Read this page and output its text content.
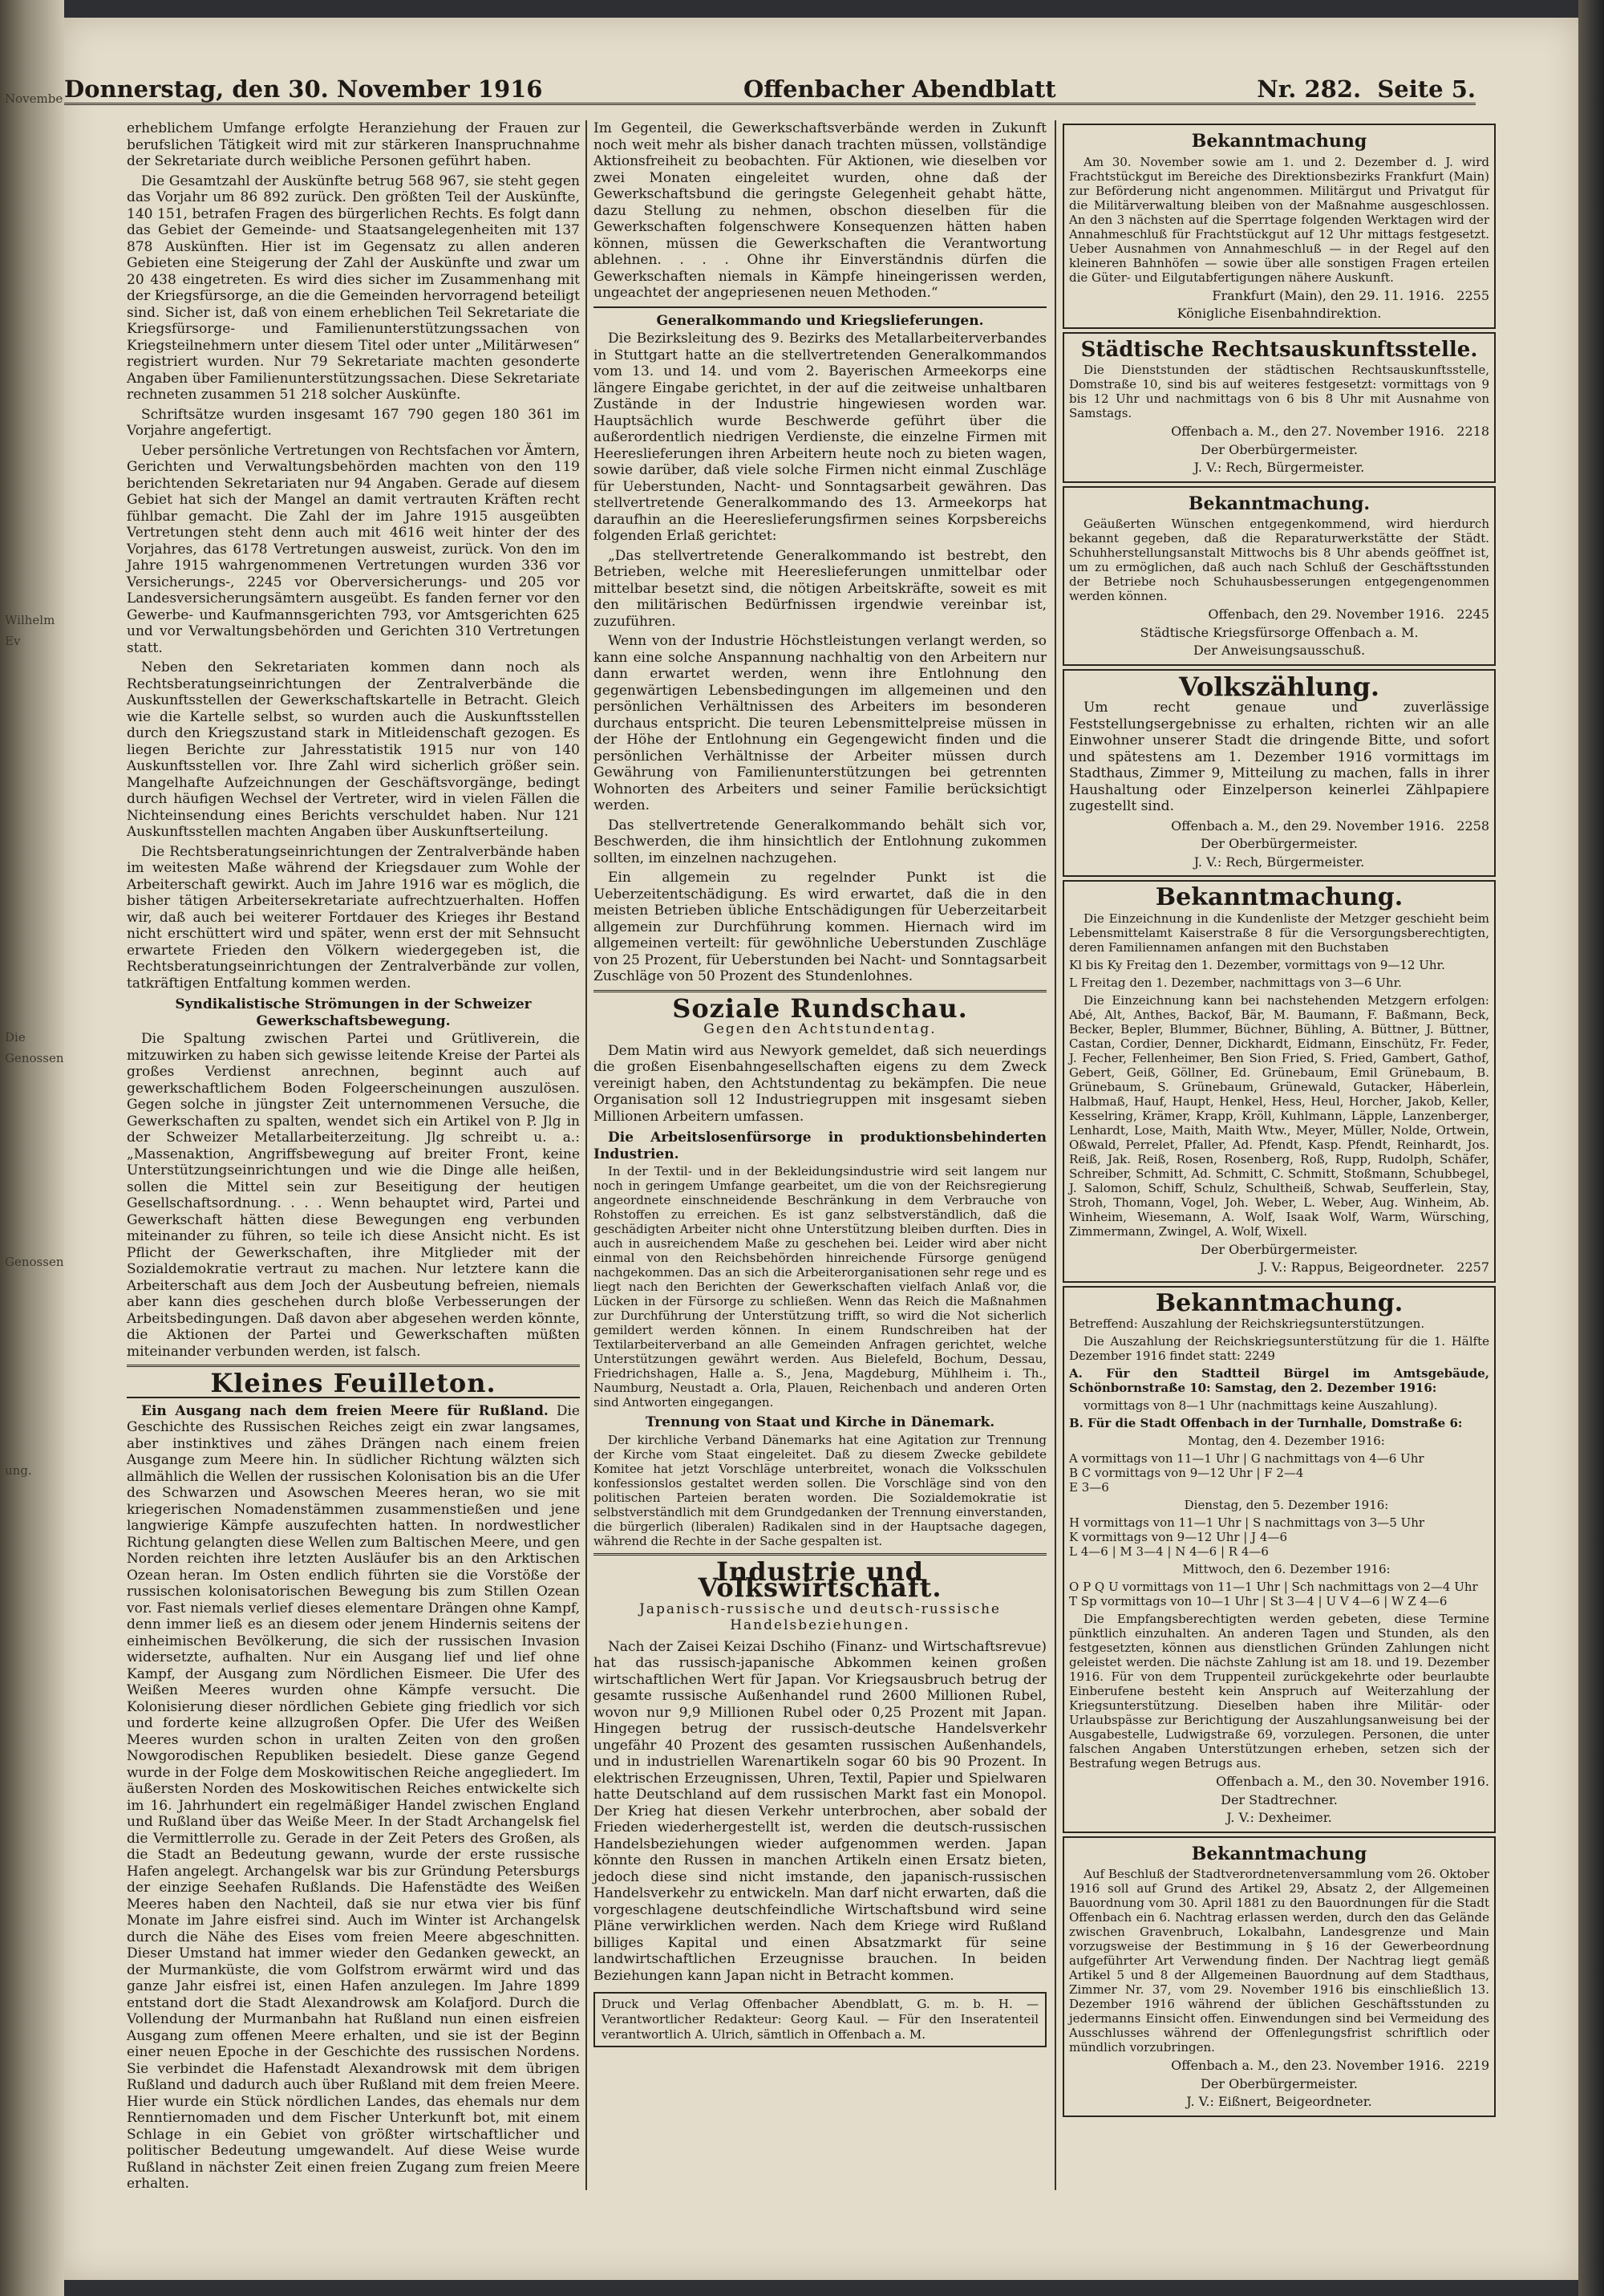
Novembe
Wilhelm Ev
Die Genossen
Genossen
ung.
Donnerstag, den 30. November 1916	Offenbacher Abendblatt	Nr. 282. Seite 5.

erheblichem Umfange erfolgte Heranziehung der Frauen zur berufslichen Tätigkeit wird mit zur stärkeren Inanspruchnahme der Sekretariate durch weibliche Personen geführt haben.

Die Gesamtzahl der Auskünfte betrug 568 967, sie steht gegen das Vorjahr um 86 892 zurück. Den größten Teil der Auskünfte, 140 151, betrafen Fragen des bürgerlichen Rechts. Es folgt dann das Gebiet der Gemeinde- und Staatsangelegenheiten mit 137 878 Auskünften. Hier ist im Gegensatz zu allen anderen Gebieten eine Steigerung der Zahl der Auskünfte und zwar um 20 438 eingetreten. Es wird dies sicher im Zusammenhang mit der Kriegsfürsorge, an die die Gemeinden hervorragend beteiligt sind. Sicher ist, daß von einem erheblichen Teil Sekretariate die Kriegsfürsorge- und Familienunterstützungssachen von Kriegsteilnehmern unter diesem Titel oder unter „Militärwesen“ registriert wurden. Nur 79 Sekretariate machten gesonderte Angaben über Familienunterstützungssachen. Diese Sekretariate rechneten zusammen 51 218 solcher Auskünfte.

Schriftsätze wurden insgesamt 167 790 gegen 180 361 im Vorjahre angefertigt.

Ueber persönliche Vertretungen von Rechtsfachen vor Ämtern, Gerichten und Verwaltungsbehörden machten von den 119 berichtenden Sekretariaten nur 94 Angaben. Gerade auf diesem Gebiet hat sich der Mangel an damit vertrauten Kräften recht fühlbar gemacht. Die Zahl der im Jahre 1915 ausgeübten Vertretungen steht denn auch mit 4616 weit hinter der des Vorjahres, das 6178 Vertretungen ausweist, zurück. Von den im Jahre 1915 wahrgenommenen Vertretungen wurden 336 vor Versicherungs-, 2245 vor Oberversicherungs- und 205 vor Landesversicherungsämtern ausgeübt. Es fanden ferner vor den Gewerbe- und Kaufmannsgerichten 793, vor Amtsgerichten 625 und vor Verwaltungsbehörden und Gerichten 310 Vertretungen statt.

Neben den Sekretariaten kommen dann noch als Rechtsberatungseinrichtungen der Zentralverbände die Auskunftsstellen der Gewerkschaftskartelle in Betracht. Gleich wie die Kartelle selbst, so wurden auch die Auskunftsstellen durch den Kriegszustand stark in Mitleidenschaft gezogen. Es liegen Berichte zur Jahresstatistik 1915 nur von 140 Auskunftsstellen vor. Ihre Zahl wird sicherlich größer sein. Mangelhafte Aufzeichnungen der Geschäftsvorgänge, bedingt durch häufigen Wechsel der Vertreter, wird in vielen Fällen die Nichteinsendung eines Berichts verschuldet haben. Nur 121 Auskunftsstellen machten Angaben über Auskunftserteilung.

Die Rechtsberatungseinrichtungen der Zentralverbände haben im weitesten Maße während der Kriegsdauer zum Wohle der Arbeiterschaft gewirkt. Auch im Jahre 1916 war es möglich, die bisher tätigen Arbeitersekretariate aufrechtzuerhalten. Hoffen wir, daß auch bei weiterer Fortdauer des Krieges ihr Bestand nicht erschüttert wird und später, wenn erst der mit Sehnsucht erwartete Frieden den Völkern wiedergegeben ist, die Rechtsberatungseinrichtungen der Zentralverbände zur vollen, tatkräftigen Entfaltung kommen werden.

Syndikalistische Strömungen in der Schweizer Gewerkschaftsbewegung.

Die Spaltung zwischen Partei und Grütliverein, die mitzuwirken zu haben sich gewisse leitende Kreise der Partei als großes Verdienst anrechnen, beginnt auch auf gewerkschaftlichem Boden Folgeerscheinungen auszulösen. Gegen solche in jüngster Zeit unternommenen Versuche, die Gewerkschaften zu spalten, wendet sich ein Artikel von P. Jlg in der Schweizer Metallarbeiterzeitung. Jlg schreibt u. a.: „Massenaktion, Angriffsbewegung auf breiter Front, keine Unterstützungseinrichtungen und wie die Dinge alle heißen, sollen die Mittel sein zur Beseitigung der heutigen Gesellschaftsordnung. . . . Wenn behauptet wird, Partei und Gewerkschaft hätten diese Bewegungen eng verbunden miteinander zu führen, so teile ich diese Ansicht nicht. Es ist Pflicht der Gewerkschaften, ihre Mitglieder mit der Sozialdemokratie vertraut zu machen. Nur letztere kann die Arbeiterschaft aus dem Joch der Ausbeutung befreien, niemals aber kann dies geschehen durch bloße Verbesserungen der Arbeitsbedingungen. Daß davon aber abgesehen werden könnte, die Aktionen der Partei und Gewerkschaften müßten miteinander verbunden werden, ist falsch.

Kleines Feuilleton.

Ein Ausgang nach dem freien Meere für Rußland. Die Geschichte des Russischen Reiches zeigt ein zwar langsames, aber instinktives und zähes Drängen nach einem freien Ausgange zum Meere hin. In südlicher Richtung wälzten sich allmählich die Wellen der russischen Kolonisation bis an die Ufer des Schwarzen und Asowschen Meeres heran, wo sie mit kriegerischen Nomadenstämmen zusammenstießen und jene langwierige Kämpfe auszufechten hatten. In nordwestlicher Richtung gelangten diese Wellen zum Baltischen Meere, und gen Norden reichten ihre letzten Ausläufer bis an den Arktischen Ozean heran. Im Osten endlich führten sie die Vorstöße der russischen kolonisatorischen Bewegung bis zum Stillen Ozean vor. Fast niemals verlief dieses elementare Drängen ohne Kampf, denn immer ließ es an diesem oder jenem Hindernis seitens der einheimischen Bevölkerung, die sich der russischen Invasion widersetzte, aufhalten. Nur ein Ausgang lief und lief ohne Kampf, der Ausgang zum Nördlichen Eismeer. Die Ufer des Weißen Meeres wurden ohne Kämpfe versucht. Die Kolonisierung dieser nördlichen Gebiete ging friedlich vor sich und forderte keine allzugroßen Opfer. Die Ufer des Weißen Meeres wurden schon in uralten Zeiten von den großen Nowgorodischen Republiken besiedelt. Diese ganze Gegend wurde in der Folge dem Moskowitischen Reiche angegliedert. Im äußersten Norden des Moskowitischen Reiches entwickelte sich im 16. Jahrhundert ein regelmäßiger Handel zwischen England und Rußland über das Weiße Meer. In der Stadt Archangelsk fiel die Vermittlerrolle zu. Gerade in der Zeit Peters des Großen, als die Stadt an Bedeutung gewann, wurde der erste russische Hafen angelegt. Archangelsk war bis zur Gründung Petersburgs der einzige Seehafen Rußlands. Die Hafenstädte des Weißen Meeres haben den Nachteil, daß sie nur etwa vier bis fünf Monate im Jahre eisfrei sind. Auch im Winter ist Archangelsk durch die Nähe des Eises vom freien Meere abgeschnitten. Dieser Umstand hat immer wieder den Gedanken geweckt, an der Murmanküste, die vom Golfstrom erwärmt wird und das ganze Jahr eisfrei ist, einen Hafen anzulegen. Im Jahre 1899 entstand dort die Stadt Alexandrowsk am Kolafjord. Durch die Vollendung der Murmanbahn hat Rußland nun einen eisfreien Ausgang zum offenen Meere erhalten, und sie ist der Beginn einer neuen Epoche in der Geschichte des russischen Nordens. Sie verbindet die Hafenstadt Alexandrowsk mit dem übrigen Rußland und dadurch auch über Rußland mit dem freien Meere. Hier wurde ein Stück nördlichen Landes, das ehemals nur dem Renntiernomaden und dem Fischer Unterkunft bot, mit einem Schlage in ein Gebiet von größter wirtschaftlicher und politischer Bedeutung umgewandelt. Auf diese Weise wurde Rußland in nächster Zeit einen freien Zugang zum freien Meere erhalten.

Im Gegenteil, die Gewerkschaftsverbände werden in Zukunft noch weit mehr als bisher danach trachten müssen, vollständige Aktionsfreiheit zu beobachten. Für Aktionen, wie dieselben vor zwei Monaten eingeleitet wurden, ohne daß der Gewerkschaftsbund die geringste Gelegenheit gehabt hätte, dazu Stellung zu nehmen, obschon dieselben für die Gewerkschaften folgenschwere Konsequenzen hätten haben können, müssen die Gewerkschaften die Verantwortung ablehnen. . . . Ohne ihr Einverständnis dürfen die Gewerkschaften niemals in Kämpfe hineingerissen werden, ungeachtet der angepriesenen neuen Methoden.“

Generalkommando und Kriegslieferungen.

Die Bezirksleitung des 9. Bezirks des Metallarbeiterverbandes in Stuttgart hatte an die stellvertretenden Generalkommandos vom 13. und 14. und vom 2. Bayerischen Armeekorps eine längere Eingabe gerichtet, in der auf die zeitweise unhaltbaren Zustände in der Industrie hingewiesen worden war. Hauptsächlich wurde Beschwerde geführt über die außerordentlich niedrigen Verdienste, die einzelne Firmen mit Heereslieferungen ihren Arbeitern heute noch zu bieten wagen, sowie darüber, daß viele solche Firmen nicht einmal Zuschläge für Ueberstunden, Nacht- und Sonntagsarbeit gewähren. Das stellvertretende Generalkommando des 13. Armeekorps hat daraufhin an die Heereslieferungsfirmen seines Korpsbereichs folgenden Erlaß gerichtet:

„Das stellvertretende Generalkommando ist bestrebt, den Betrieben, welche mit Heereslieferungen unmittelbar oder mittelbar besetzt sind, die nötigen Arbeitskräfte, soweit es mit den militärischen Bedürfnissen irgendwie vereinbar ist, zuzuführen.

Wenn von der Industrie Höchstleistungen verlangt werden, so kann eine solche Anspannung nachhaltig von den Arbeitern nur dann erwartet werden, wenn ihre Entlohnung den gegenwärtigen Lebensbedingungen im allgemeinen und den persönlichen Verhältnissen des Arbeiters im besonderen durchaus entspricht. Die teuren Lebensmittelpreise müssen in der Höhe der Entlohnung ein Gegengewicht finden und die persönlichen Verhältnisse der Arbeiter müssen durch Gewährung von Familienunterstützungen bei getrennten Wohnorten des Arbeiters und seiner Familie berücksichtigt werden.

Das stellvertretende Generalkommando behält sich vor, Beschwerden, die ihm hinsichtlich der Entlohnung zukommen sollten, im einzelnen nachzugehen.

Ein allgemein zu regelnder Punkt ist die Ueberzeitentschädigung. Es wird erwartet, daß die in den meisten Betrieben übliche Entschädigungen für Ueberzeitarbeit allgemein zur Durchführung kommen. Hiernach wird im allgemeinen verteilt: für gewöhnliche Ueberstunden Zuschläge von 25 Prozent, für Ueberstunden bei Nacht- und Sonntagsarbeit Zuschläge von 50 Prozent des Stundenlohnes.

Soziale Rundschau.
Gegen den Achtstundentag.

Dem Matin wird aus Newyork gemeldet, daß sich neuerdings die großen Eisenbahngesellschaften eigens zu dem Zweck vereinigt haben, den Achtstundentag zu bekämpfen. Die neue Organisation soll 12 Industriegruppen mit insgesamt sieben Millionen Arbeitern umfassen.

Die Arbeitslosenfürsorge in produktionsbehinderten Industrien.

In der Textil- und in der Bekleidungsindustrie wird seit langem nur noch in geringem Umfange gearbeitet, um die von der Reichsregierung angeordnete einschneidende Beschränkung in dem Verbrauche von Rohstoffen zu erreichen. Es ist ganz selbstverständlich, daß die geschädigten Arbeiter nicht ohne Unterstützung bleiben durften. Dies in auch in ausreichendem Maße zu geschehen bei. Leider wird aber nicht einmal von den Reichsbehörden hinreichende Fürsorge genügend nachgekommen. Das an sich die Arbeiterorganisationen sehr rege und es liegt nach den Berichten der Gewerkschaften vielfach Anlaß vor, die Lücken in der Fürsorge zu schließen. Wenn das Reich die Maßnahmen zur Durchführung der Unterstützung trifft, so wird die Not sicherlich gemildert werden können. In einem Rundschreiben hat der Textilarbeiterverband an alle Gemeinden Anfragen gerichtet, welche Unterstützungen gewährt werden. Aus Bielefeld, Bochum, Dessau, Friedrichshagen, Halle a. S., Jena, Magdeburg, Mühlheim i. Th., Naumburg, Neustadt a. Orla, Plauen, Reichenbach und anderen Orten sind Antworten eingegangen.

Trennung von Staat und Kirche in Dänemark.

Der kirchliche Verband Dänemarks hat eine Agitation zur Trennung der Kirche vom Staat eingeleitet. Daß zu diesem Zwecke gebildete Komitee hat jetzt Vorschläge unterbreitet, wonach die Volksschulen konfessionslos gestaltet werden sollen. Die Vorschläge sind von den politischen Parteien beraten worden. Die Sozialdemokratie ist selbstverständlich mit dem Grundgedanken der Trennung einverstanden, die bürgerlich (liberalen) Radikalen sind in der Hauptsache dagegen, während die Rechte in der Sache gespalten ist.

Industrie und Volkswirtschaft.
Japanisch-russische und deutsch-russische Handelsbeziehungen.

Nach der Zaisei Keizai Dschiho (Finanz- und Wirtschaftsrevue) hat das russisch-japanische Abkommen keinen großen wirtschaftlichen Wert für Japan. Vor Kriegsausbruch betrug der gesamte russische Außenhandel rund 2600 Millionen Rubel, wovon nur 9,9 Millionen Rubel oder 0,25 Prozent mit Japan. Hingegen betrug der russisch-deutsche Handelsverkehr ungefähr 40 Prozent des gesamten russischen Außenhandels, und in industriellen Warenartikeln sogar 60 bis 90 Prozent. In elektrischen Erzeugnissen, Uhren, Textil, Papier und Spielwaren hatte Deutschland auf dem russischen Markt fast ein Monopol. Der Krieg hat diesen Verkehr unterbrochen, aber sobald der Frieden wiederhergestellt ist, werden die deutsch-russischen Handelsbeziehungen wieder aufgenommen werden. Japan könnte den Russen in manchen Artikeln einen Ersatz bieten, jedoch diese sind nicht imstande, den japanisch-russischen Handelsverkehr zu entwickeln. Man darf nicht erwarten, daß die vorgeschlagene deutschfeindliche Wirtschaftsbund wird seine Pläne verwirklichen werden. Nach dem Kriege wird Rußland billiges Kapital und einen Absatzmarkt für seine landwirtschaftlichen Erzeugnisse brauchen. In beiden Beziehungen kann Japan nicht in Betracht kommen.

Druck und Verlag Offenbacher Abendblatt, G. m. b. H. — Verantwortlicher Redakteur: Georg Kaul. — Für den Inseratenteil verantwortlich A. Ulrich, sämtlich in Offenbach a. M.
Bekanntmachung

Am 30. November sowie am 1. und 2. Dezember d. J. wird Frachtstückgut im Bereiche des Direktionsbezirks Frankfurt (Main) zur Beförderung nicht angenommen. Militärgut und Privatgut für die Militärverwaltung bleiben von der Maßnahme ausgeschlossen. An den 3 nächsten auf die Sperrtage folgenden Werktagen wird der Annahmeschluß für Frachtstückgut auf 12 Uhr mittags festgesetzt. Ueber Ausnahmen von Annahmeschluß — in der Regel auf den kleineren Bahnhöfen — sowie über alle sonstigen Fragen erteilen die Güter- und Eilgutabfertigungen nähere Auskunft.

Frankfurt (Main), den 29. 11. 1916. 2255
Königliche Eisenbahndirektion.
Städtische Rechtsauskunftsstelle.

Die Dienststunden der städtischen Rechtsauskunftsstelle, Domstraße 10, sind bis auf weiteres festgesetzt: vormittags von 9 bis 12 Uhr und nachmittags von 6 bis 8 Uhr mit Ausnahme von Samstags.

Offenbach a. M., den 27. November 1916. 2218
Der Oberbürgermeister.
J. V.: Rech, Bürgermeister.
Bekanntmachung.

Geäußerten Wünschen entgegenkommend, wird hierdurch bekannt gegeben, daß die Reparaturwerkstätte der Städt. Schuhherstellungsanstalt Mittwochs bis 8 Uhr abends geöffnet ist, um zu ermöglichen, daß auch nach Schluß der Geschäftsstunden der Betriebe noch Schuhausbesserungen entgegengenommen werden können.

Offenbach, den 29. November 1916. 2245
Städtische Kriegsfürsorge Offenbach a. M.
Der Anweisungsausschuß.
Volkszählung.

Um recht genaue und zuverlässige Feststellungsergebnisse zu erhalten, richten wir an alle Einwohner unserer Stadt die dringende Bitte, und sofort und spätestens am 1. Dezember 1916 vormittags im Stadthaus, Zimmer 9, Mitteilung zu machen, falls in ihrer Haushaltung oder Einzelperson keinerlei Zählpapiere zugestellt sind.

Offenbach a. M., den 29. November 1916. 2258
Der Oberbürgermeister.
J. V.: Rech, Bürgermeister.
Bekanntmachung.

Die Einzeichnung in die Kundenliste der Metzger geschieht beim Lebensmittelamt Kaiserstraße 8 für die Versorgungsberechtigten, deren Familiennamen anfangen mit den Buchstaben

Kl bis Ky Freitag den 1. Dezember, vormittags von 9—12 Uhr.

L Freitag den 1. Dezember, nachmittags von 3—6 Uhr.

Die Einzeichnung kann bei nachstehenden Metzgern erfolgen: Abé, Alt, Anthes, Backof, Bär, M. Baumann, F. Baßmann, Beck, Becker, Bepler, Blummer, Büchner, Bühling, A. Büttner, J. Büttner, Castan, Cordier, Denner, Dickhardt, Eidmann, Einschütz, Fr. Feder, J. Fecher, Fellenheimer, Ben Sion Fried, S. Fried, Gambert, Gathof, Gebert, Geiß, Göllner, Ed. Grünebaum, Emil Grünebaum, B. Grünebaum, S. Grünebaum, Grünewald, Gutacker, Häberlein, Halbmaß, Hauf, Haupt, Henkel, Hess, Heul, Horcher, Jakob, Keller, Kesselring, Krämer, Krapp, Kröll, Kuhlmann, Läpple, Lanzenberger, Lenhardt, Lose, Maith, Maith Wtw., Meyer, Müller, Nolde, Ortwein, Oßwald, Perrelet, Pfaller, Ad. Pfendt, Kasp. Pfendt, Reinhardt, Jos. Reiß, Jak. Reiß, Rosen, Rosenberg, Roß, Rupp, Rudolph, Schäfer, Schreiber, Schmitt, Ad. Schmitt, C. Schmitt, Stoßmann, Schubbegel, J. Salomon, Schiff, Schulz, Schultheiß, Schwab, Seufferlein, Stay, Stroh, Thomann, Vogel, Joh. Weber, L. Weber, Aug. Winheim, Ab. Winheim, Wiesemann, A. Wolf, Isaak Wolf, Warm, Würsching, Zimmermann, Zwingel, A. Wolf, Wixell.

Der Oberbürgermeister.
J. V.: Rappus, Beigeordneter. 2257
Bekanntmachung.

Betreffend: Auszahlung der Reichskriegsunterstützungen.

Die Auszahlung der Reichskriegsunterstützung für die 1. Hälfte Dezember 1916 findet statt: 2249

A. Für den Stadtteil Bürgel im Amtsgebäude, Schönbornstraße 10: Samstag, den 2. Dezember 1916:

vormittags von 8—1 Uhr (nachmittags keine Auszahlung).

B. Für die Stadt Offenbach in der Turnhalle, Domstraße 6:

Montag, den 4. Dezember 1916:

A vormittags von 11—1 Uhr | G nachmittags von 4—6 Uhr
B C vormittags von 9—12 Uhr | F 2—4
E 3—6

Dienstag, den 5. Dezember 1916:

H vormittags von 11—1 Uhr | S nachmittags von 3—5 Uhr
K vormittags von 9—12 Uhr | J 4—6
L 4—6 | M 3—4 | N 4—6 | R 4—6

Mittwoch, den 6. Dezember 1916:

O P Q U vormittags von 11—1 Uhr | Sch nachmittags von 2—4 Uhr
T Sp vormittags von 10—1 Uhr | St 3—4 | U V 4—6 | W Z 4—6

Die Empfangsberechtigten werden gebeten, diese Termine pünktlich einzuhalten. An anderen Tagen und Stunden, als den festgesetzten, können aus dienstlichen Gründen Zahlungen nicht geleistet werden. Die nächste Zahlung ist am 18. und 19. Dezember 1916. Für von dem Truppenteil zurückgekehrte oder beurlaubte Einberufene besteht kein Anspruch auf Weiterzahlung der Kriegsunterstützung. Dieselben haben ihre Militär- oder Urlaubspässe zur Berichtigung der Auszahlungsanweisung bei der Ausgabestelle, Ludwigstraße 69, vorzulegen. Personen, die unter falschen Angaben Unterstützungen erheben, setzen sich der Bestrafung wegen Betrugs aus.

Offenbach a. M., den 30. November 1916.
Der Stadtrechner.
J. V.: Dexheimer.
Bekanntmachung

Auf Beschluß der Stadtverordnetenversammlung vom 26. Oktober 1916 soll auf Grund des Artikel 29, Absatz 2, der Allgemeinen Bauordnung vom 30. April 1881 zu den Bauordnungen für die Stadt Offenbach ein 6. Nachtrag erlassen werden, durch den das Gelände zwischen Gravenbruch, Lokalbahn, Landesgrenze und Main vorzugsweise der Bestimmung in § 16 der Gewerbeordnung aufgeführter Art Verwendung finden. Der Nachtrag liegt gemäß Artikel 5 und 8 der Allgemeinen Bauordnung auf dem Stadthaus, Zimmer Nr. 37, vom 29. November 1916 bis einschließlich 13. Dezember 1916 während der üblichen Geschäftsstunden zu jedermanns Einsicht offen. Einwendungen sind bei Vermeidung des Ausschlusses während der Offenlegungsfrist schriftlich oder mündlich vorzubringen.

Offenbach a. M., den 23. November 1916. 2219
Der Oberbürgermeister.
J. V.: Eißnert, Beigeordneter.
